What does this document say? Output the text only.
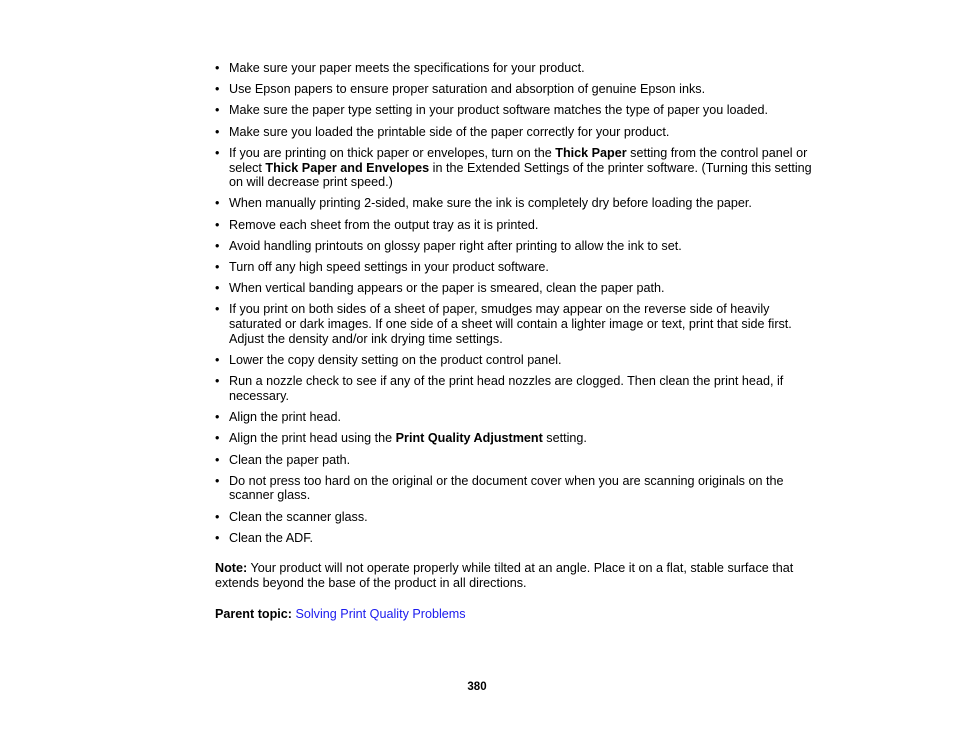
• Make sure your paper meets the specifications for your product.
• Use Epson papers to ensure proper saturation and absorption of genuine Epson inks.
• Make sure the paper type setting in your product software matches the type of paper you loaded.
• Make sure you loaded the printable side of the paper correctly for your product.
• If you are printing on thick paper or envelopes, turn on the Thick Paper setting from the control panel or select Thick Paper and Envelopes in the Extended Settings of the printer software. (Turning this setting on will decrease print speed.)
• When manually printing 2-sided, make sure the ink is completely dry before loading the paper.
• Remove each sheet from the output tray as it is printed.
• Avoid handling printouts on glossy paper right after printing to allow the ink to set.
• Turn off any high speed settings in your product software.
• When vertical banding appears or the paper is smeared, clean the paper path.
• If you print on both sides of a sheet of paper, smudges may appear on the reverse side of heavily saturated or dark images. If one side of a sheet will contain a lighter image or text, print that side first. Adjust the density and/or ink drying time settings.
• Lower the copy density setting on the product control panel.
• Run a nozzle check to see if any of the print head nozzles are clogged. Then clean the print head, if necessary.
• Align the print head.
• Align the print head using the Print Quality Adjustment setting.
• Clean the paper path.
• Do not press too hard on the original or the document cover when you are scanning originals on the scanner glass.
• Clean the scanner glass.
• Clean the ADF.

Note: Your product will not operate properly while tilted at an angle. Place it on a flat, stable surface that extends beyond the base of the product in all directions.

Parent topic: Solving Print Quality Problems

380
